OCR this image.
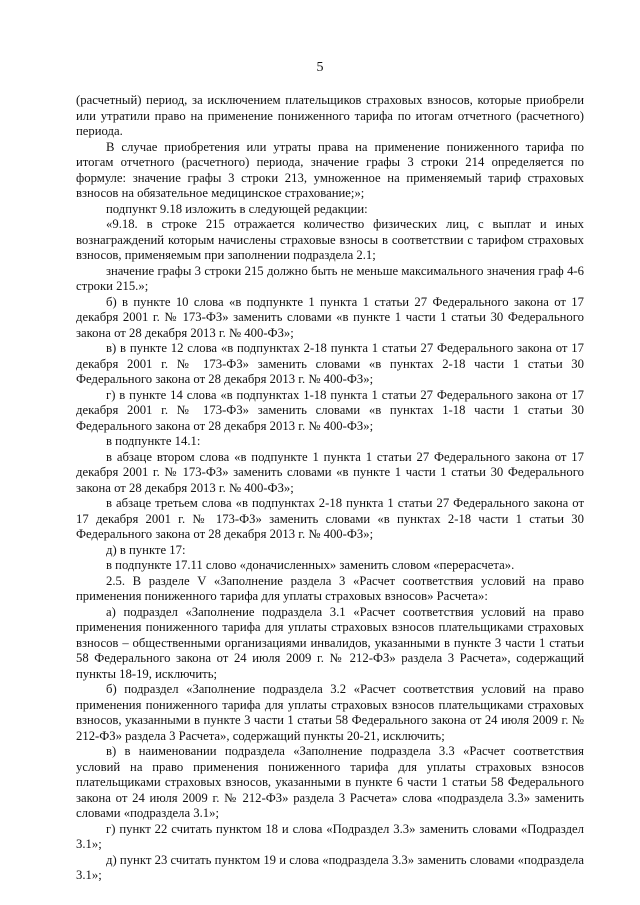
5

(расчетный) период, за исключением плательщиков страховых взносов, которые приобрели или утратили право на применение пониженного тарифа по итогам отчетного (расчетного) периода.

В случае приобретения или утраты права на применение пониженного тарифа по итогам отчетного (расчетного) периода, значение графы 3 строки 214 определяется по формуле: значение графы 3 строки 213, умноженное на применяемый тариф страховых взносов на обязательное медицинское страхование;»;

подпункт 9.18 изложить в следующей редакции:

«9.18. в строке 215 отражается количество физических лиц, с выплат и иных вознаграждений которым начислены страховые взносы в соответствии с тарифом страховых взносов, применяемым при заполнении подраздела 2.1;

значение графы 3 строки 215 должно быть не меньше максимального значения граф 4-6 строки 215.»;

б) в пункте 10 слова «в подпункте 1 пункта 1 статьи 27 Федерального закона от 17 декабря 2001 г. № 173-ФЗ» заменить словами «в пункте 1 части 1 статьи 30 Федерального закона от 28 декабря 2013 г. № 400-ФЗ»;

в) в пункте 12 слова «в подпунктах 2-18 пункта 1 статьи 27 Федерального закона от 17 декабря 2001 г. № 173-ФЗ» заменить словами «в пунктах 2-18 части 1 статьи 30 Федерального закона от 28 декабря 2013 г. № 400-ФЗ»;

г) в пункте 14 слова «в подпунктах 1-18 пункта 1 статьи 27 Федерального закона от 17 декабря 2001 г. № 173-ФЗ» заменить словами «в пунктах 1-18 части 1 статьи 30 Федерального закона от 28 декабря 2013 г. № 400-ФЗ»;

в подпункте 14.1:

в абзаце втором слова «в подпункте 1 пункта 1 статьи 27 Федерального закона от 17 декабря 2001 г. № 173-ФЗ» заменить словами «в пункте 1 части 1 статьи 30 Федерального закона от 28 декабря 2013 г. № 400-ФЗ»;

в абзаце третьем слова «в подпунктах 2-18 пункта 1 статьи 27 Федерального закона от 17 декабря 2001 г. № 173-ФЗ» заменить словами «в пунктах 2-18 части 1 статьи 30 Федерального закона от 28 декабря 2013 г. № 400-ФЗ»;

д) в пункте 17:

в подпункте 17.11 слово «доначисленных» заменить словом «перерасчета».

2.5. В разделе V «Заполнение раздела 3 «Расчет соответствия условий на право применения пониженного тарифа для уплаты страховых взносов» Расчета»:

а) подраздел «Заполнение подраздела 3.1 «Расчет соответствия условий на право применения пониженного тарифа для уплаты страховых взносов плательщиками страховых взносов – общественными организациями инвалидов, указанными в пункте 3 части 1 статьи 58 Федерального закона от 24 июля 2009 г. № 212-ФЗ» раздела 3 Расчета», содержащий пункты 18-19, исключить;

б) подраздел «Заполнение подраздела 3.2 «Расчет соответствия условий на право применения пониженного тарифа для уплаты страховых взносов плательщиками страховых взносов, указанными в пункте 3 части 1 статьи 58 Федерального закона от 24 июля 2009 г. № 212-ФЗ» раздела 3 Расчета», содержащий пункты 20-21, исключить;

в) в наименовании подраздела «Заполнение подраздела 3.3 «Расчет соответствия условий на право применения пониженного тарифа для уплаты страховых взносов плательщиками страховых взносов, указанными в пункте 6 части 1 статьи 58 Федерального закона от 24 июля 2009 г. № 212-ФЗ» раздела 3 Расчета» слова «подраздела 3.3» заменить словами «подраздела 3.1»;

г) пункт 22 считать пунктом 18 и слова «Подраздел 3.3» заменить словами «Подраздел 3.1»;

д) пункт 23 считать пунктом 19 и слова «подраздела 3.3» заменить словами «подраздела 3.1»;
